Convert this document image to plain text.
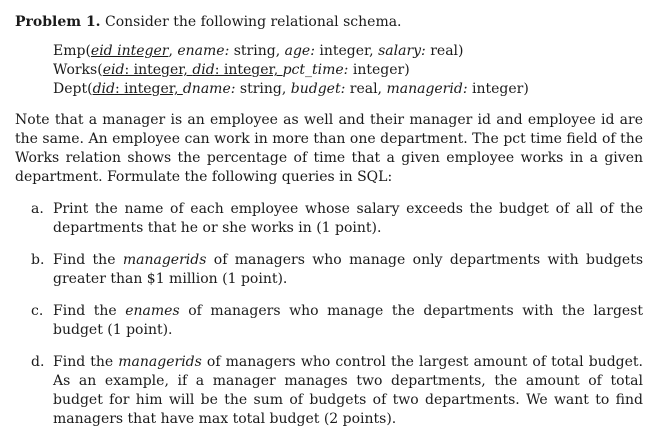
Problem 1. Consider the following relational schema.

Emp(eid integer, ename: string, age: integer, salary: real)
Works(eid: integer, did: integer, pct_time: integer)
Dept(did: integer, dname: string, budget: real, managerid: integer)

Note that a manager is an employee as well and their manager id and employee id are the same. An employee can work in more than one department. The pct time field of the Works relation shows the percentage of time that a given employee works in a given department. Formulate the following queries in SQL:

a. Print the name of each employee whose salary exceeds the budget of all of the departments that he or she works in (1 point).
b. Find the managerids of managers who manage only departments with budgets greater than $1 million (1 point).
c. Find the enames of managers who manage the departments with the largest budget (1 point).
d. Find the managerids of managers who control the largest amount of total budget. As an example, if a manager manages two departments, the amount of total budget for him will be the sum of budgets of two departments. We want to find managers that have max total budget (2 points).
